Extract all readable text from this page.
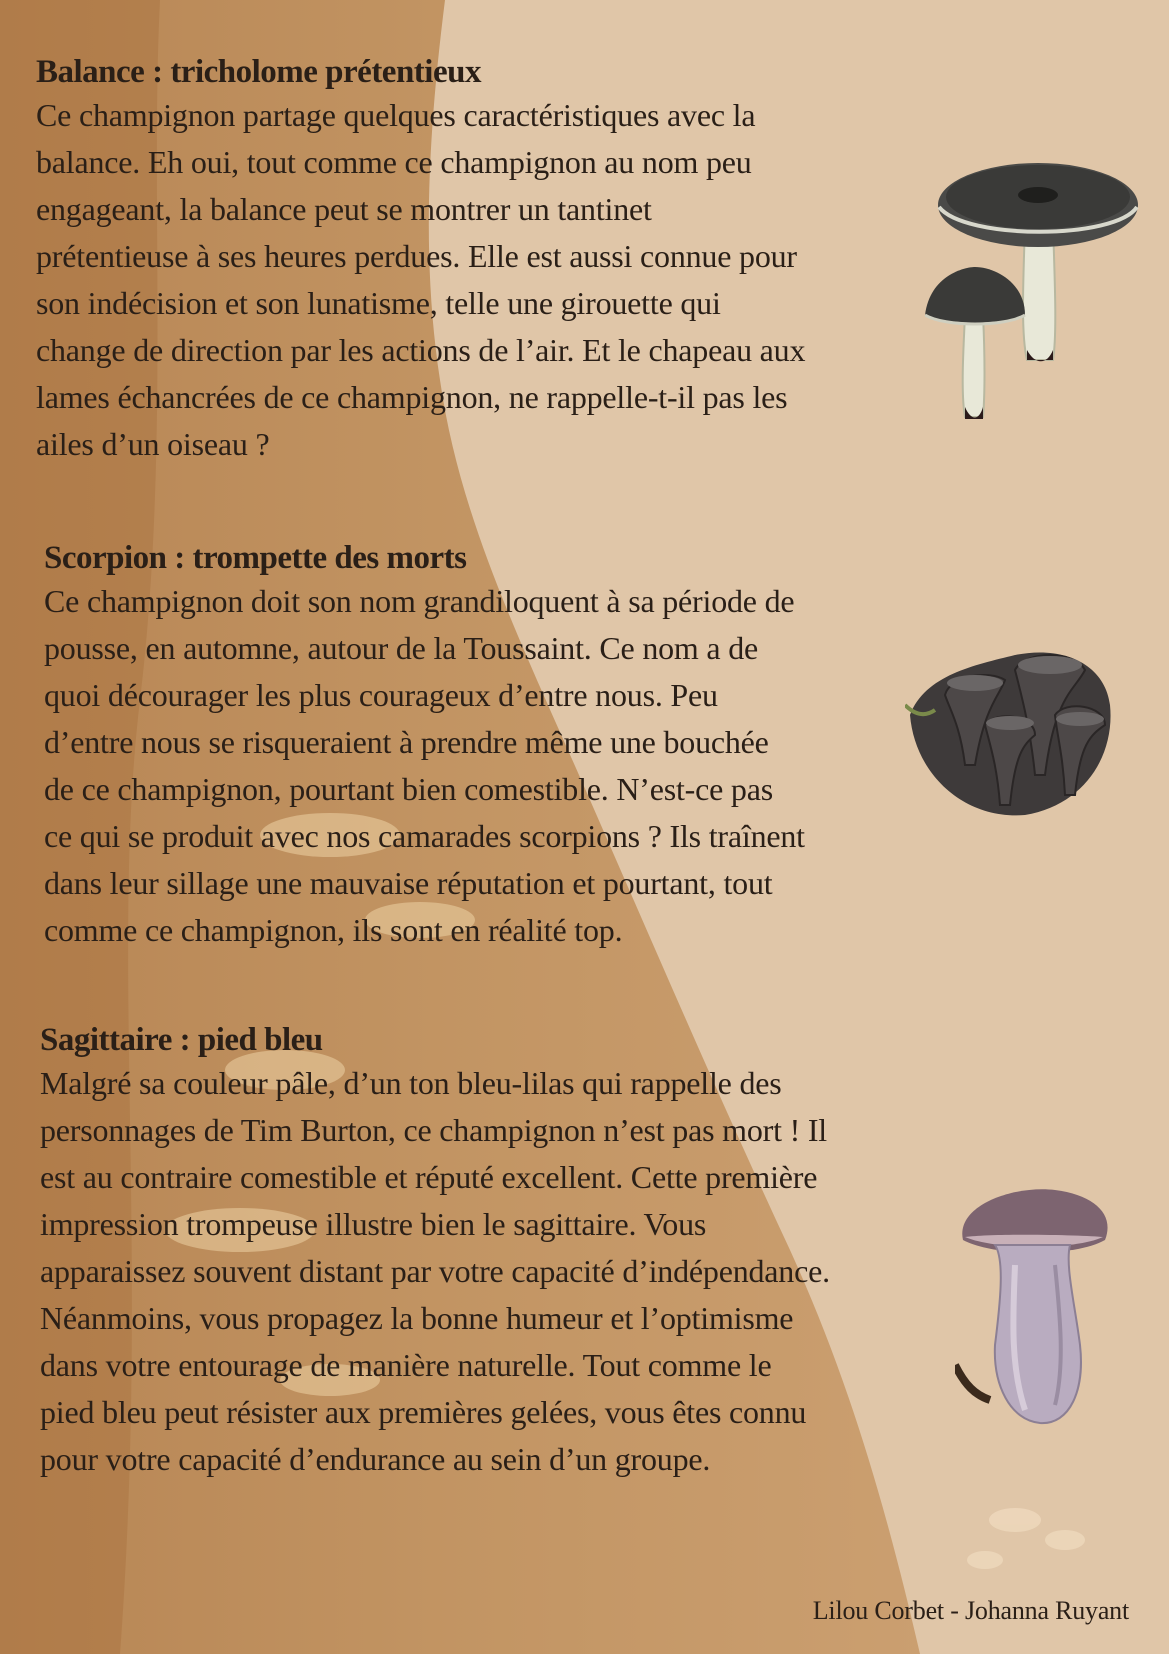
Balance : tricholome prétentieux

Ce champignon partage quelques caractéristiques avec la
balance. Eh oui, tout comme ce champignon au nom peu
engageant, la balance peut se montrer un tantinet
prétentieuse à ses heures perdues. Elle est aussi connue pour
son indécision et son lunatisme, telle une girouette qui
change de direction par les actions de l’air. Et le chapeau aux
lames échancrées de ce champignon, ne rappelle-t-il pas les
ailes d’un oiseau ?

Scorpion : trompette des morts

Ce champignon doit son nom grandiloquent à sa période de
pousse, en automne, autour de la Toussaint. Ce nom a de
quoi décourager les plus courageux d’entre nous. Peu
d’entre nous se risqueraient à prendre même une bouchée
de ce champignon, pourtant bien comestible. N’est-ce pas
ce qui se produit avec nos camarades scorpions ? Ils traînent
dans leur sillage une mauvaise réputation et pourtant, tout
comme ce champignon, ils sont en réalité top.

Sagittaire : pied bleu

Malgré sa couleur pâle, d’un ton bleu-lilas qui rappelle des
personnages de Tim Burton, ce champignon n’est pas mort ! Il
est au contraire comestible et réputé excellent. Cette première
impression trompeuse illustre bien le sagittaire. Vous
apparaissez souvent distant par votre capacité d’indépendance.
Néanmoins, vous propagez la bonne humeur et l’optimisme
dans votre entourage de manière naturelle. Tout comme le
pied bleu peut résister aux premières gelées, vous êtes connu
pour votre capacité d’endurance au sein d’un groupe.
Lilou Corbet - Johanna Ruyant
